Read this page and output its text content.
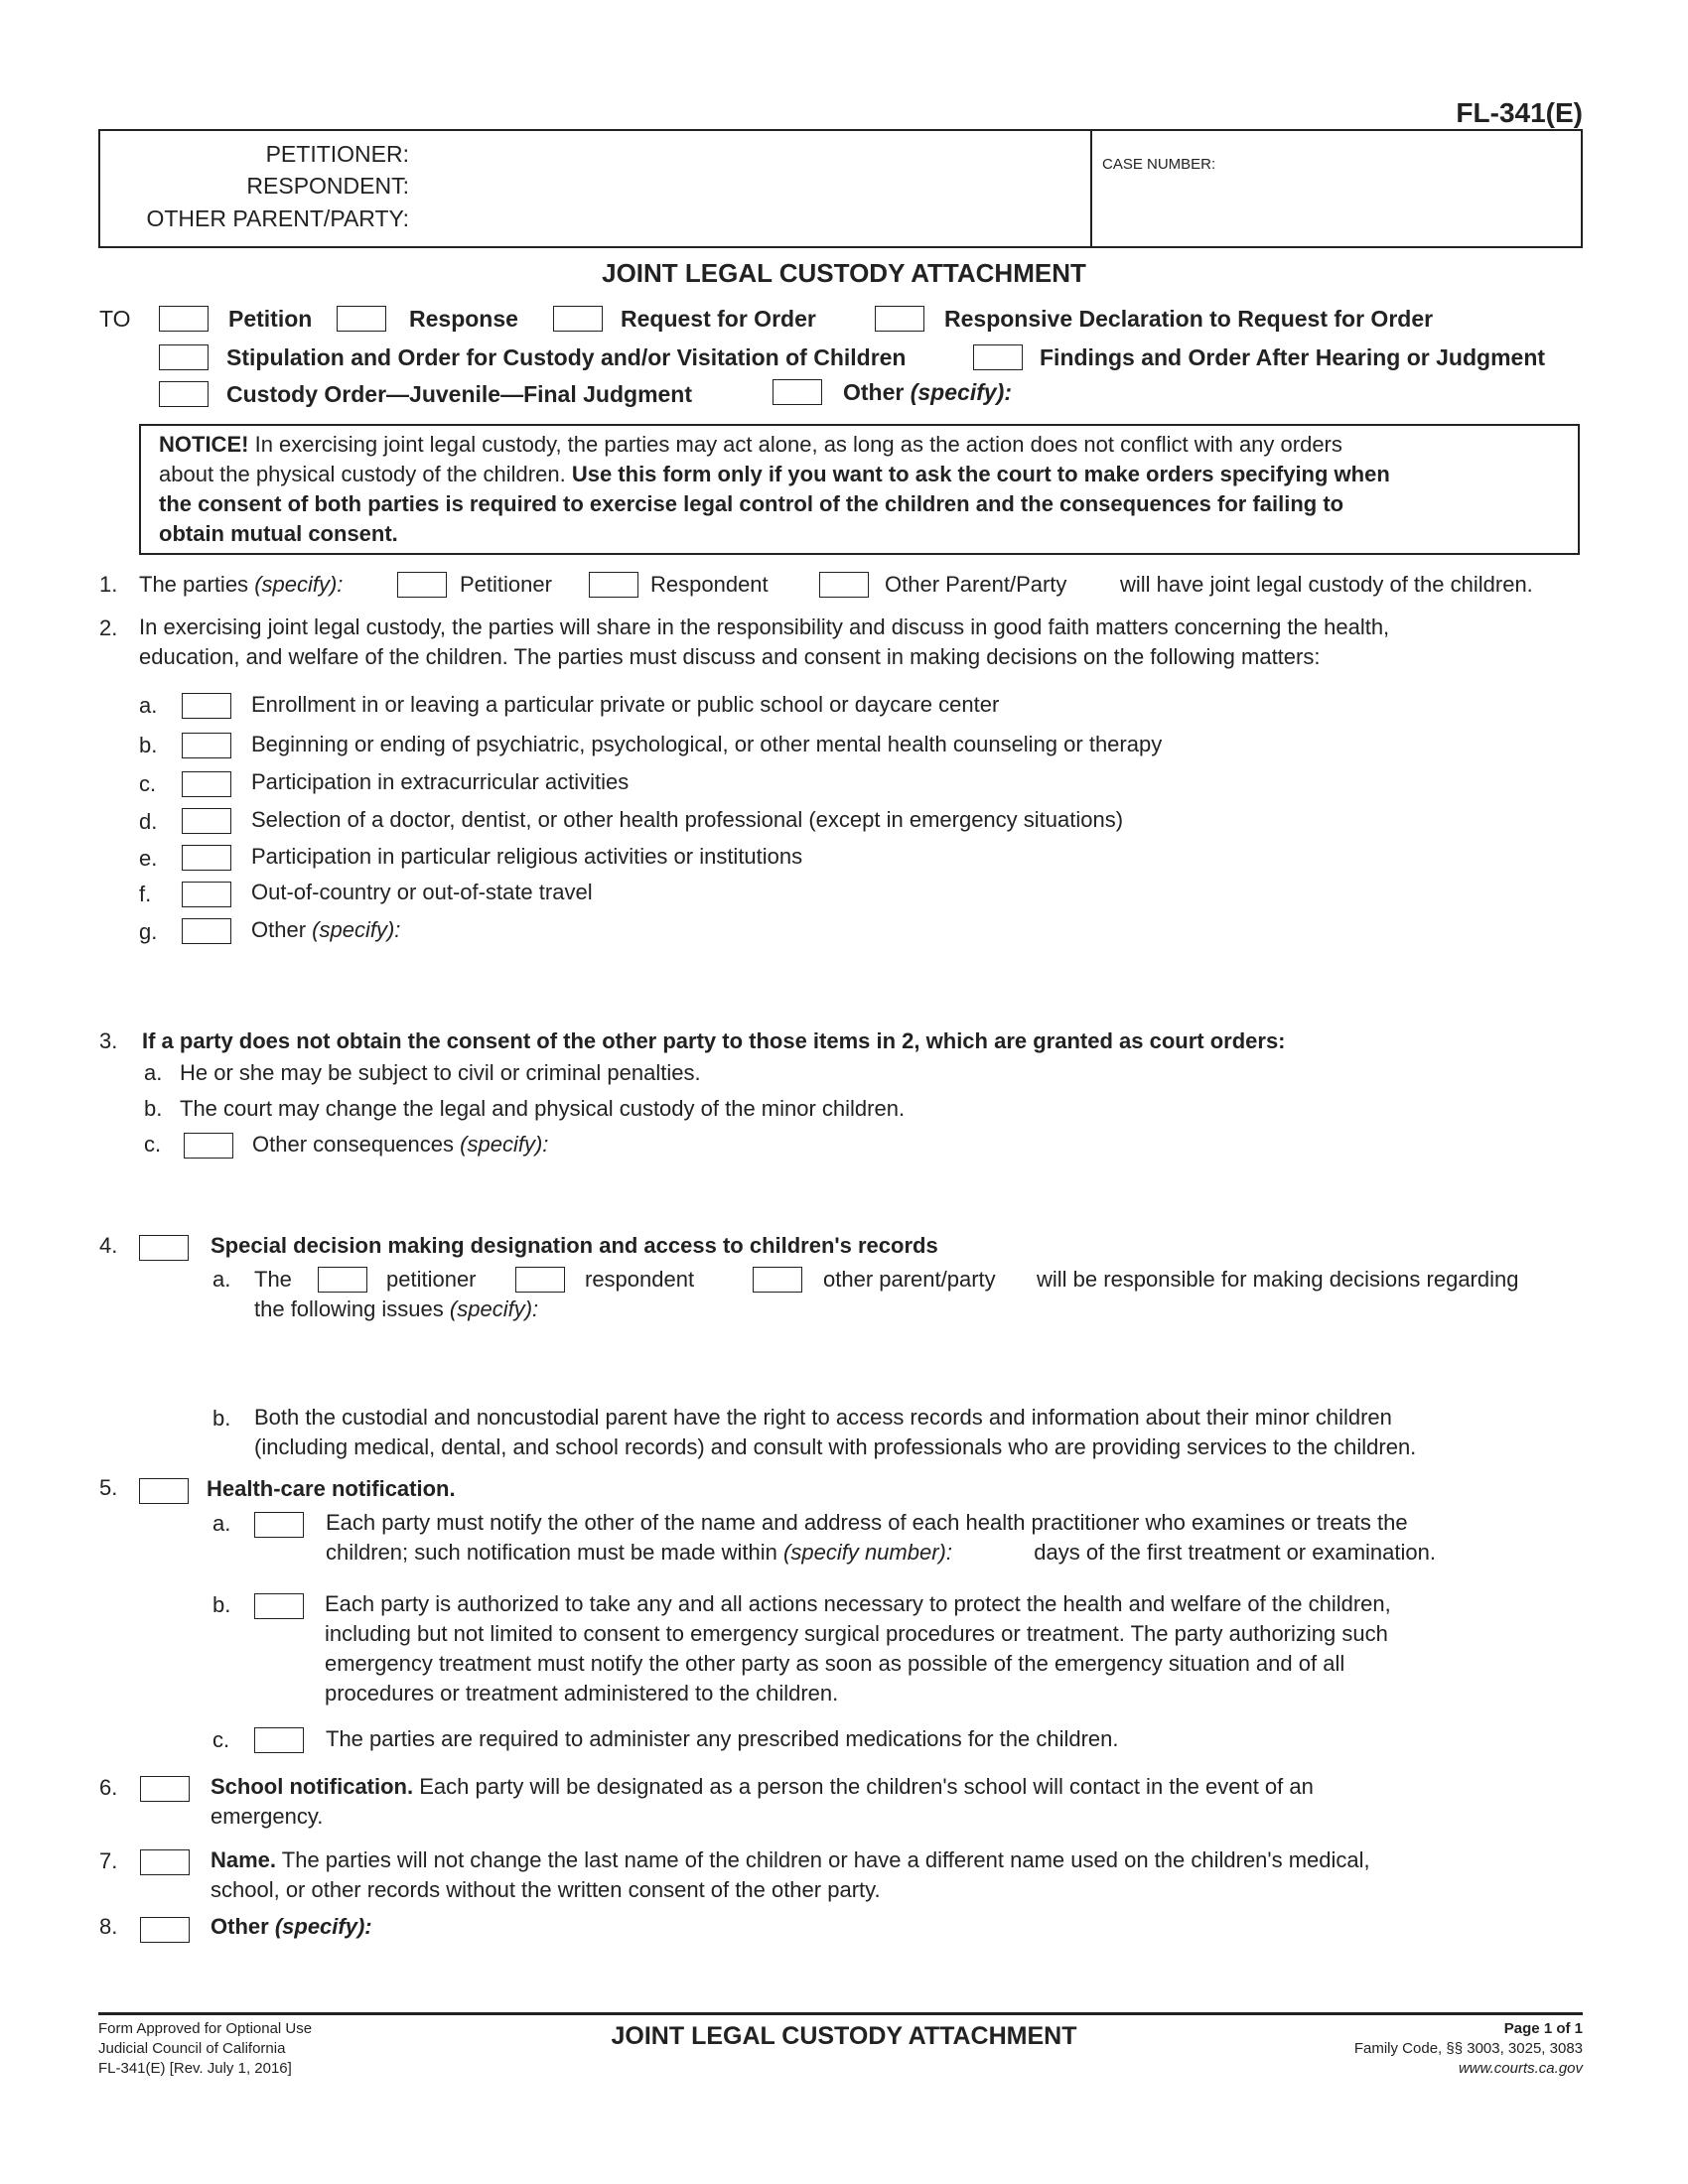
FL-341(E)
PETITIONER:
RESPONDENT:
OTHER PARENT/PARTY:
CASE NUMBER:
JOINT LEGAL CUSTODY ATTACHMENT
TO	Petition	Response	Request for Order	Responsive Declaration to Request for Order
Stipulation and Order for Custody and/or Visitation of Children	Findings and Order After Hearing or Judgment
Custody Order—Juvenile—Final Judgment	Other (specify):
NOTICE! In exercising joint legal custody, the parties may act alone, as long as the action does not conflict with any orders
about the physical custody of the children. Use this form only if you want to ask the court to make orders specifying when
the consent of both parties is required to exercise legal control of the children and the consequences for failing to
obtain mutual consent.
1. The parties (specify):	Petitioner	Respondent	Other Parent/Party will have joint legal custody of the children.
2. In exercising joint legal custody, the parties will share in the responsibility and discuss in good faith matters concerning the health,
education, and welfare of the children. The parties must discuss and consent in making decisions on the following matters:
a.	Enrollment in or leaving a particular private or public school or daycare center
b.	Beginning or ending of psychiatric, psychological, or other mental health counseling or therapy
c.	Participation in extracurricular activities
d.	Selection of a doctor, dentist, or other health professional (except in emergency situations)
e.	Participation in particular religious activities or institutions
f.	Out-of-country or out-of-state travel
g.	Other (specify):
3. If a party does not obtain the consent of the other party to those items in 2, which are granted as court orders:
a. He or she may be subject to civil or criminal penalties.
b. The court may change the legal and physical custody of the minor children.
c.	Other consequences (specify):
4.	Special decision making designation and access to children's records
a. The	petitioner	respondent	other parent/party will be responsible for making decisions regarding
the following issues (specify):
b. Both the custodial and noncustodial parent have the right to access records and information about their minor children
(including medical, dental, and school records) and consult with professionals who are providing services to the children.
5.	Health-care notification.
a.	Each party must notify the other of the name and address of each health practitioner who examines or treats the
children; such notification must be made within (specify number):	days of the first treatment or examination.
b.	Each party is authorized to take any and all actions necessary to protect the health and welfare of the children,
including but not limited to consent to emergency surgical procedures or treatment. The party authorizing such
emergency treatment must notify the other party as soon as possible of the emergency situation and of all
procedures or treatment administered to the children.
c.	The parties are required to administer any prescribed medications for the children.
6.	School notification. Each party will be designated as a person the children's school will contact in the event of an
emergency.
7.	Name. The parties will not change the last name of the children or have a different name used on the children's medical,
school, or other records without the written consent of the other party.
8.	Other (specify):
Form Approved for Optional Use
Judicial Council of California
FL-341(E) [Rev. July 1, 2016]
JOINT LEGAL CUSTODY ATTACHMENT	Page 1 of 1
Family Code, §§ 3003, 3025, 3083
www.courts.ca.gov
